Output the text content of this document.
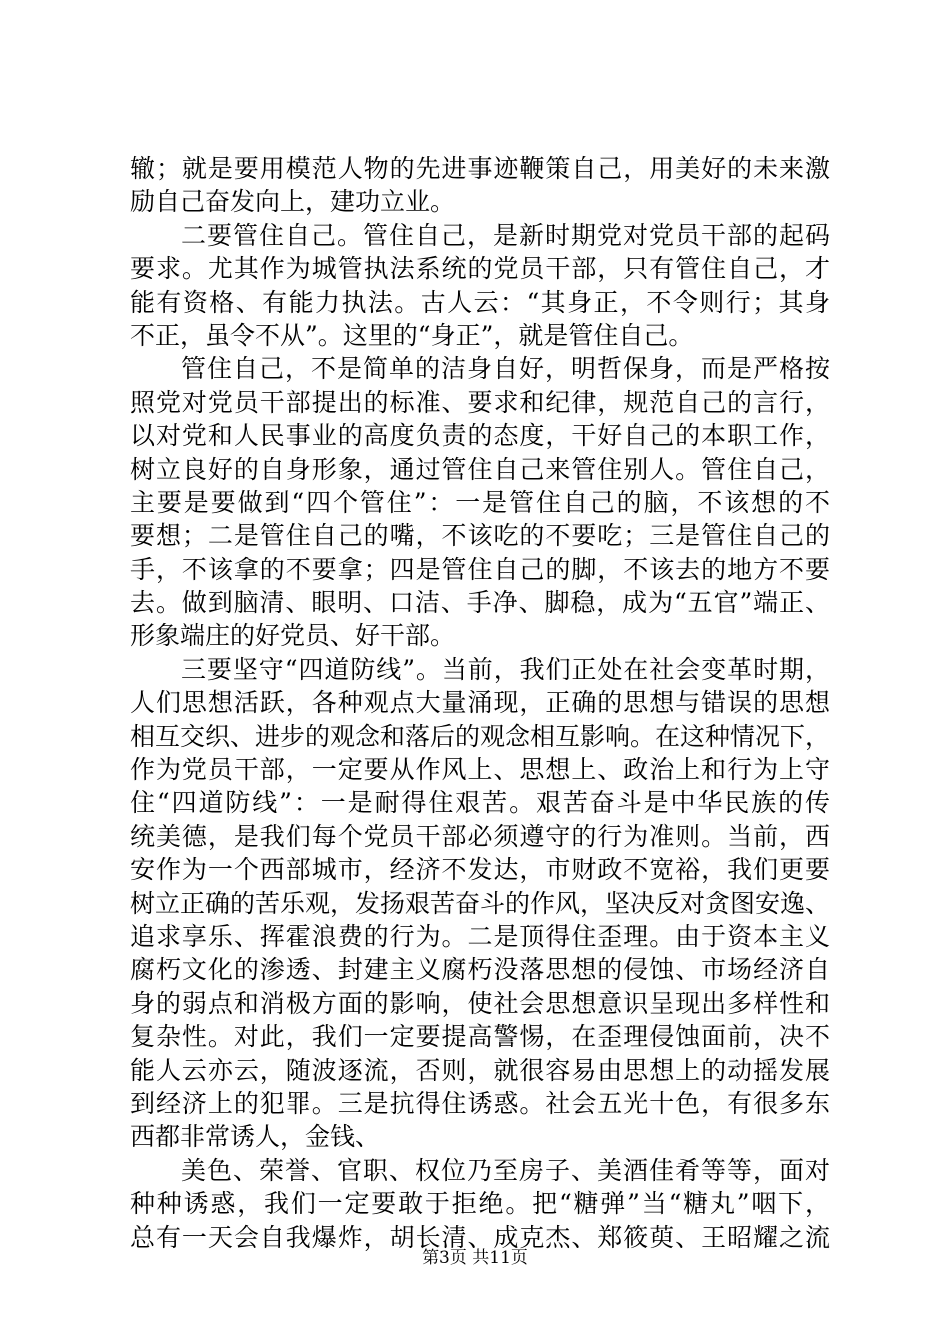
辙；就是要用模范人物的先进事迹鞭策自己，用美好的未来激
励自己奋发向上，建功立业。
二要管住自己。管住自己，是新时期党对党员干部的起码
要求。尤其作为城管执法系统的党员干部，只有管住自己，才
能有资格、有能力执法。古人云：“其身正，不令则行；其身
不正，虽令不从”。这里的“身正”，就是管住自己。
管住自己，不是简单的洁身自好，明哲保身，而是严格按
照党对党员干部提出的标准、要求和纪律，规范自己的言行，
以对党和人民事业的高度负责的态度，干好自己的本职工作，
树立良好的自身形象，通过管住自己来管住别人。管住自己，
主要是要做到“四个管住”：一是管住自己的脑，不该想的不
要想；二是管住自己的嘴，不该吃的不要吃；三是管住自己的
手，不该拿的不要拿；四是管住自己的脚，不该去的地方不要
去。做到脑清、眼明、口洁、手净、脚稳，成为“五官”端正、
形象端庄的好党员、好干部。
三要坚守“四道防线”。当前，我们正处在社会变革时期，
人们思想活跃，各种观点大量涌现，正确的思想与错误的思想
相互交织、进步的观念和落后的观念相互影响。在这种情况下，
作为党员干部，一定要从作风上、思想上、政治上和行为上守
住“四道防线”：一是耐得住艰苦。艰苦奋斗是中华民族的传
统美德，是我们每个党员干部必须遵守的行为准则。当前，西
安作为一个西部城市，经济不发达，市财政不宽裕，我们更要
树立正确的苦乐观，发扬艰苦奋斗的作风，坚决反对贪图安逸、
追求享乐、挥霍浪费的行为。二是顶得住歪理。由于资本主义
腐朽文化的渗透、封建主义腐朽没落思想的侵蚀、市场经济自
身的弱点和消极方面的影响，使社会思想意识呈现出多样性和
复杂性。对此，我们一定要提高警惕，在歪理侵蚀面前，决不
能人云亦云，随波逐流，否则，就很容易由思想上的动摇发展
到经济上的犯罪。三是抗得住诱惑。社会五光十色，有很多东
西都非常诱人，金钱、
美色、荣誉、官职、权位乃至房子、美酒佳肴等等，面对
种种诱惑，我们一定要敢于拒绝。把“糖弹”当“糖丸”咽下，
总有一天会自我爆炸，胡长清、成克杰、郑筱萸、王昭耀之流
第3页 共11页
